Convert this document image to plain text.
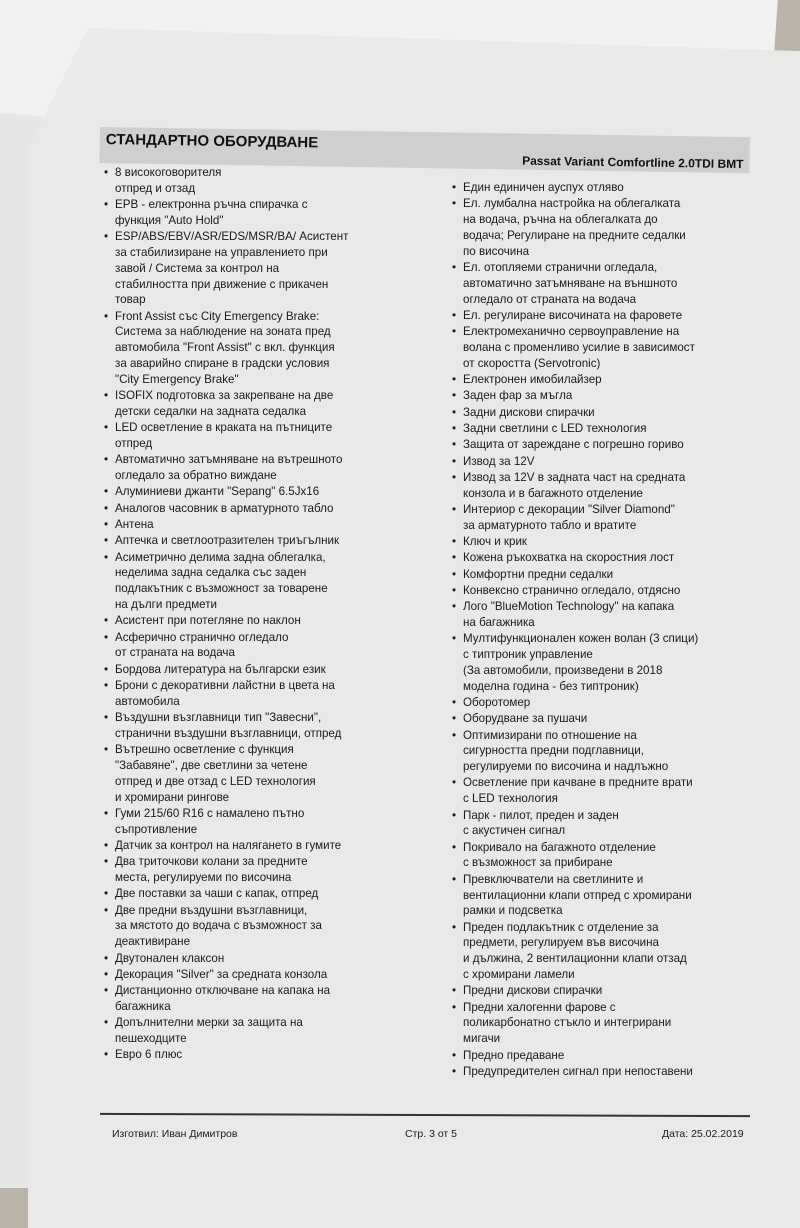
СТАНДАРТНО ОБОРУДВАНЕ
Passat Variant Comfortline 2.0TDI BMT
• 8 високоговорителя
отпред и отзад
• EPB - електронна ръчна спирачка с
функция "Auto Hold"
• ESP/ABS/EBV/ASR/EDS/MSR/BA/ Асистент
за стабилизиране на управлението при
завой / Система за контрол на
стабилността при движение с прикачен
товар
• Front Assist със City Emergency Brake:
Система за наблюдение на зоната пред
автомобила "Front Assist" с вкл. функция
за аварийно спиране в градски условия
"City Emergency Brake"
• ISOFIX подготовка за закрепване на две
детски седалки на задната седалка
• LED осветление в краката на пътниците
отпред
• Автоматично затъмняване на вътрешното
огледало за обратно виждане
• Алуминиеви джанти "Sepang" 6.5Jx16
• Аналогов часовник в арматурното табло
• Антена
• Аптечка и светлоотразителен триъгълник
• Асиметрично делима задна облегалка,
неделима задна седалка със заден
подлакътник с възможност за товарене
на дълги предмети
• Асистент при потегляне по наклон
• Асферично странично огледало
от страната на водача
• Бордова литература на български език
• Брони с декоративни лайстни в цвета на
автомобила
• Въздушни възглавници тип "Завесни",
странични въздушни възглавници, отпред
• Вътрешно осветление с функция
"Забавяне", две светлини за четене
отпред и две отзад с LED технология
и хромирани рингове
• Гуми 215/60 R16 с намалено пътно
съпротивление
• Датчик за контрол на налягането в гумите
• Два триточкови колани за предните
места, регулируеми по височина
• Две поставки за чаши с капак, отпред
• Две предни въздушни възглавници,
за мястото до водача с възможност за
деактивиране
• Двутонален клаксон
• Декорация "Silver" за средната конзола
• Дистанционно отключване на капака на
багажника
• Допълнителни мерки за защита на
пешеходците
• Евро 6 плюс
• Един единичен ауспух отляво
• Ел. лумбална настройка на облегалката
на водача, ръчна на облегалката до
водача; Регулиране на предните седалки
по височина
• Ел. отопляеми странични огледала,
автоматично затъмняване на външното
огледало от страната на водача
• Ел. регулиране височината на фаровете
• Електромеханично сервоуправление на
волана с променливо усилие в зависимост
от скоростта (Servotronic)
• Електронен имобилайзер
• Заден фар за мъгла
• Задни дискови спирачки
• Задни светлини с LED технология
• Защита от зареждане с погрешно гориво
• Извод за 12V
• Извод за 12V в задната част на средната
конзола и в багажното отделение
• Интериор с декорации "Silver Diamond"
за арматурното табло и вратите
• Ключ и крик
• Кожена ръкохватка на скоростния лост
• Комфортни предни седалки
• Конвексно странично огледало, отдясно
• Лого "BlueMotion Technology" на капака
на багажника
• Мултифункционален кожен волан (3 спици)
с типтроник управление
(За автомобили, произведени в 2018
моделна година - без типтроник)
• Оборотомер
• Оборудване за пушачи
• Оптимизирани по отношение на
сигурността предни подглавници,
регулируеми по височина и надлъжно
• Осветление при качване в предните врати
с LED технология
• Парк - пилот, преден и заден
с акустичен сигнал
• Покривало на багажното отделение
с възможност за прибиране
• Превключватели на светлините и
вентилационни клапи отпред с хромирани
рамки и подсветка
• Преден подлакътник с отделение за
предмети, регулируем във височина
и дължина, 2 вентилационни клапи отзад
с хромирани ламели
• Предни дискови спирачки
• Предни халогенни фарове с
поликарбонатно стъкло и интегрирани
мигачи
• Предно предаване
• Предупредителен сигнал при непоставени
Изготвил: Иван Димитров	Стр. 3 от 5	Дата: 25.02.2019
